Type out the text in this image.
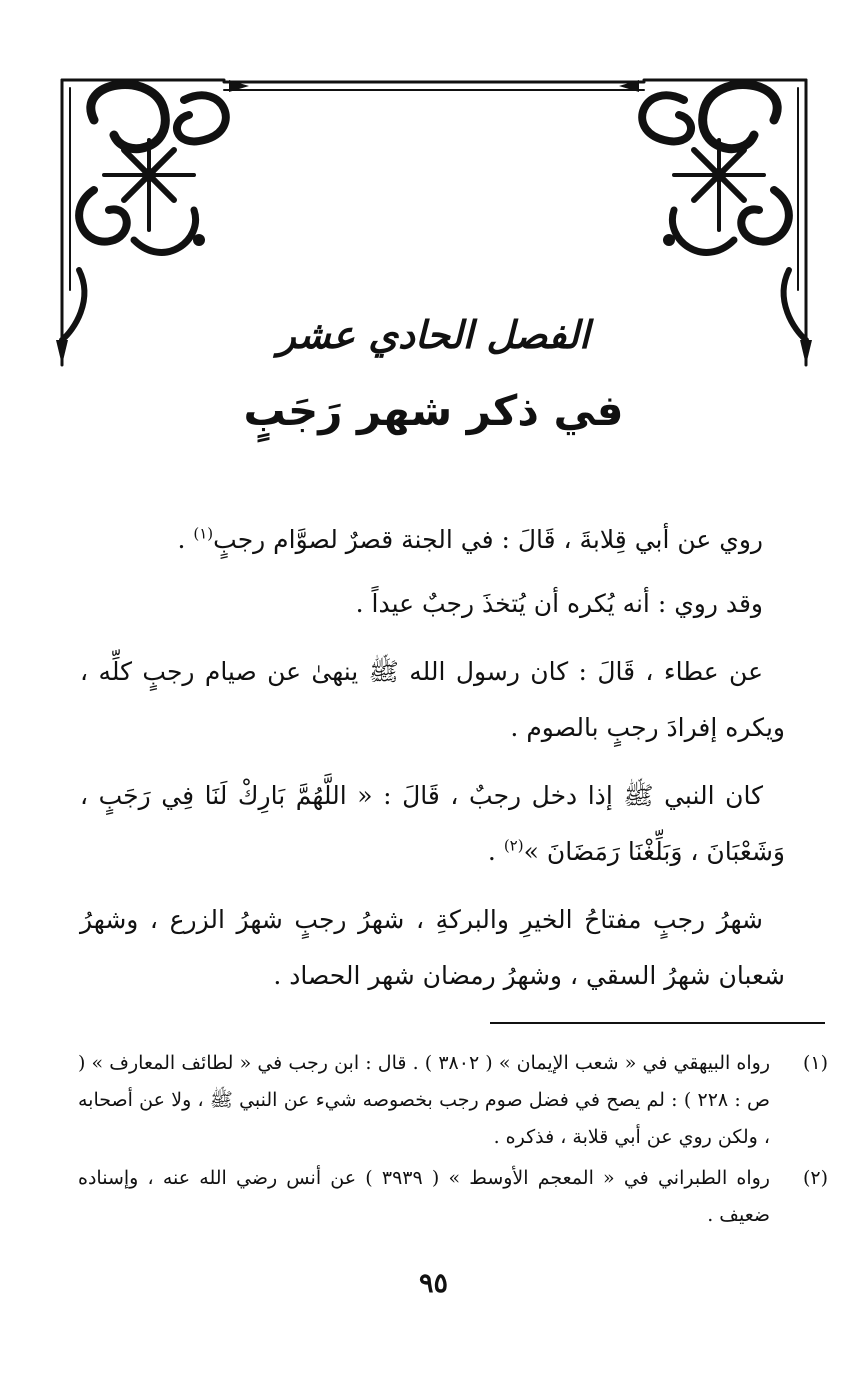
الفصل الحادي عشر
في ذكر شهر رَجَبٍ

روي عن أبي قِلابةَ ، قَالَ : في الجنة قصرٌ لصوَّام رجبٍ$^{(١)}$ .

وقد روي : أنه يُكره أن يُتخذَ رجبٌ عيداً .

عن عطاء ، قَالَ : كان رسول الله ﷺ ينهىٰ عن صيام رجبٍ كلِّه ، ويكره إفرادَ رجبٍ بالصوم .

كان النبي ﷺ إذا دخل رجبٌ ، قَالَ : « اللَّهُمَّ بَارِكْ لَنَا فِي رَجَبٍ ، وَشَعْبَانَ ، وَبَلِّغْنَا رَمَضَانَ »$^{(٢)}$ .

شهرُ رجبٍ مفتاحُ الخيرِ والبركةِ ، شهرُ رجبٍ شهرُ الزرع ، وشهرُ شعبان شهرُ السقي ، وشهرُ رمضان شهر الحصاد .

(١)
رواه البيهقي في « شعب الإيمان » ( ٣٨٠٢ ) . قال : ابن رجب في « لطائف المعارف » ( ص : ٢٢٨ ) : لم يصح في فضل صوم رجب بخصوصه شيء عن النبي ﷺ ، ولا عن أصحابه ، ولكن روي عن أبي قلابة ، فذكره .
(٢)
رواه الطبراني في « المعجم الأوسط » ( ٣٩٣٩ ) عن أنس رضي الله عنه ، وإسناده ضعيف .
٩٥
